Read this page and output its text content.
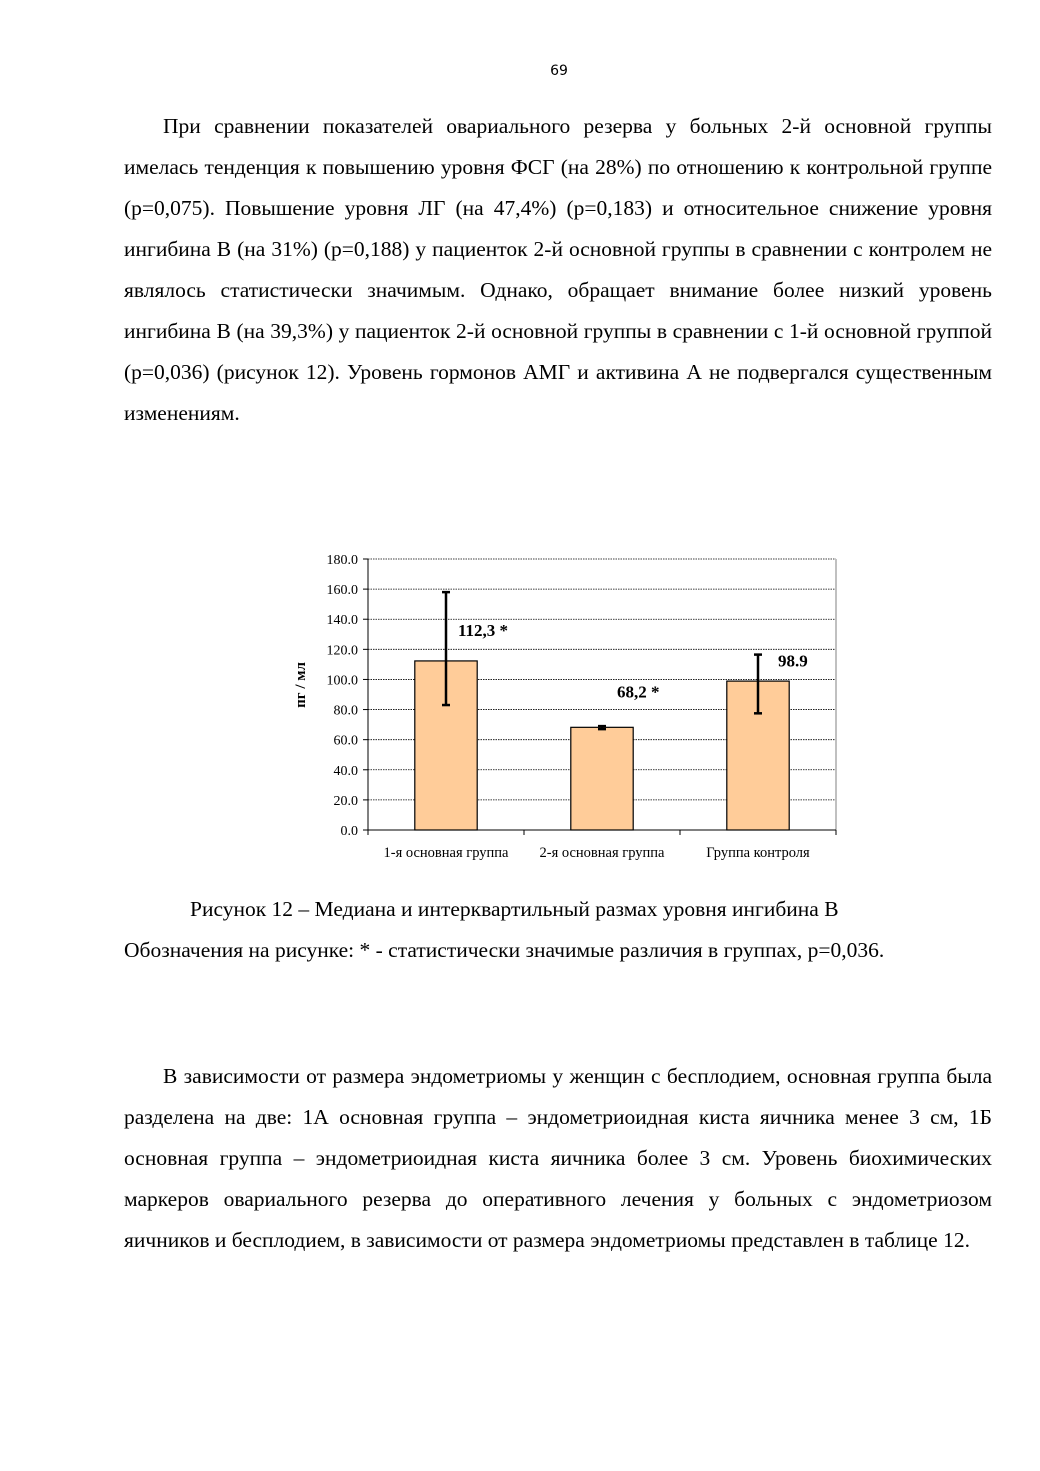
69

При сравнении показателей овариального резерва у больных 2-й основной группы имелась тенденция к повышению уровня ФСГ (на 28%) по отношению к контрольной группе (р=0,075). Повышение уровня ЛГ (на 47,4%) (р=0,183) и относительное снижение уровня ингибина В (на 31%) (р=0,188) у пациенток 2-й основной группы в сравнении с контролем не являлось статистически значимым. Однако, обращает внимание более низкий уровень ингибина В (на 39,3%) у пациенток 2-й основной группы в сравнении с 1-й основной группой (р=0,036) (рисунок 12). Уровень гормонов АМГ и активина А не подвергался существенным изменениям.

0.0
20.0
40.0
60.0
80.0
100.0
120.0
140.0
160.0
180.0
1-я основная группа 2-я основная группа	Группа контроля
112,3 *
68,2 *
98.9
пг / мл
Рисунок 12 – Медиана и интерквартильный размах уровня ингибина В
Обозначения на рисунке: * - статистически значимые различия в группах, р=0,036.

В зависимости от размера эндометриомы у женщин с бесплодием, основная группа была разделена на две: 1А основная группа – эндометриоидная киста яичника менее 3 см, 1Б основная группа – эндометриоидная киста яичника более 3 см. Уровень биохимических маркеров овариального резерва до оперативного лечения у больных с эндометриозом яичников и бесплодием, в зависимости от размера эндометриомы представлен в таблице 12.
